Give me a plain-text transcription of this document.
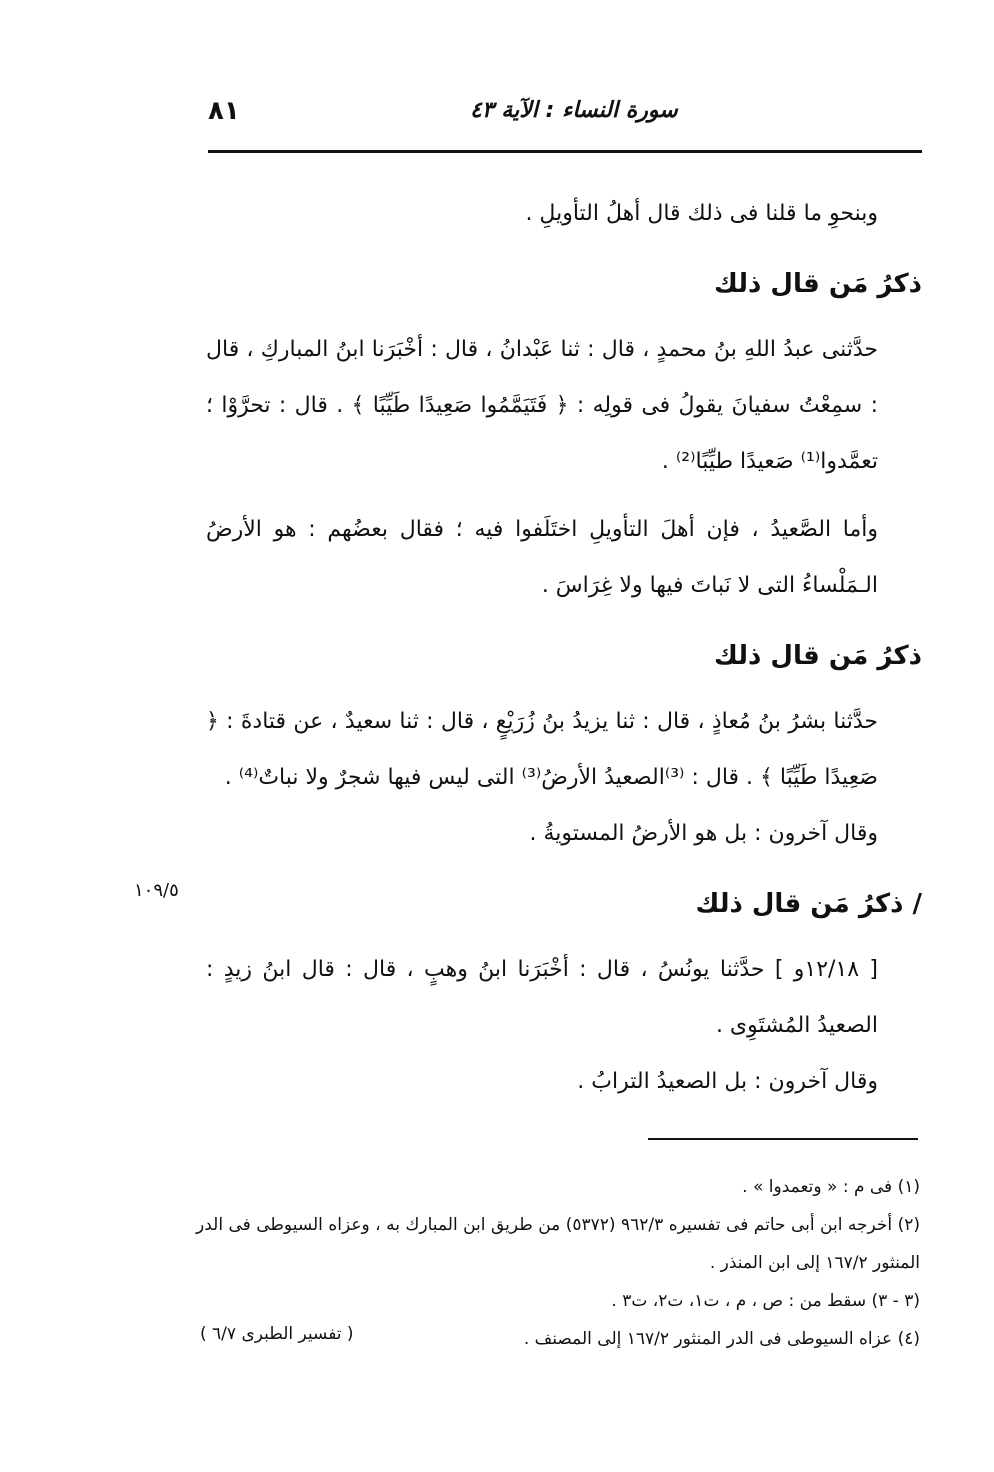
٨١	سورة النساء : الآية ٤٣

وبنحوِ ما قلنا فى ذلك قال أهلُ التأويلِ .

ذكرُ مَن قال ذلك

حدَّثنى عبدُ اللهِ بنُ محمدٍ ، قال : ثنا عَبْدانُ ، قال : أخْبَرَنا ابنُ المباركِ ، قال : سمِعْتُ سفيانَ يقولُ فى قولِه : ﴿ فَتَيَمَّمُوا صَعِيدًا طَيِّبًا ﴾ . قال : تحرَّوْا ؛ تعمَّدوا⁽¹⁾ صَعيدًا طيِّبًا⁽²⁾ .

وأما الصَّعيدُ ، فإن أهلَ التأويلِ اختَلَفوا فيه ؛ فقال بعضُهم : هو الأرضُ الـمَلْساءُ التى لا نَباتَ فيها ولا غِرَاسَ .

ذكرُ مَن قال ذلك

حدَّثنا بشرُ بنُ مُعاذٍ ، قال : ثنا يزيدُ بنُ زُرَيْعٍ ، قال : ثنا سعيدٌ ، عن قتادةَ : ﴿ صَعِيدًا طَيِّبًا ﴾ . قال : ⁽³⁾الصعيدُ الأرضُ⁽³⁾ التى ليس فيها شجرٌ ولا نباتٌ⁽⁴⁾ .

وقال آخرون : بل هو الأرضُ المستويةُ .

/ ذكرُ مَن قال ذلك

[ ١٢/١٨و ] حدَّثنا يونُسُ ، قال : أخْبَرَنا ابنُ وهبٍ ، قال : قال ابنُ زيدٍ : الصعيدُ المُشتَوِى .

وقال آخرون : بل الصعيدُ الترابُ .

١٠٩/٥

(١) فى م : « وتعمدوا » .

(٢) أخرجه ابن أبى حاتم فى تفسيره ٩٦٢/٣ (٥٣٧٢) من طريق ابن المبارك به ، وعزاه السيوطى فى الدر المنثور ١٦٧/٢ إلى ابن المنذر .

(٣ - ٣) سقط من : ص ، م ، ت١، ت٢، ت٣ .

(٤) عزاه السيوطى فى الدر المنثور ١٦٧/٢ إلى المصنف .

( تفسير الطبرى ٦/٧ )
